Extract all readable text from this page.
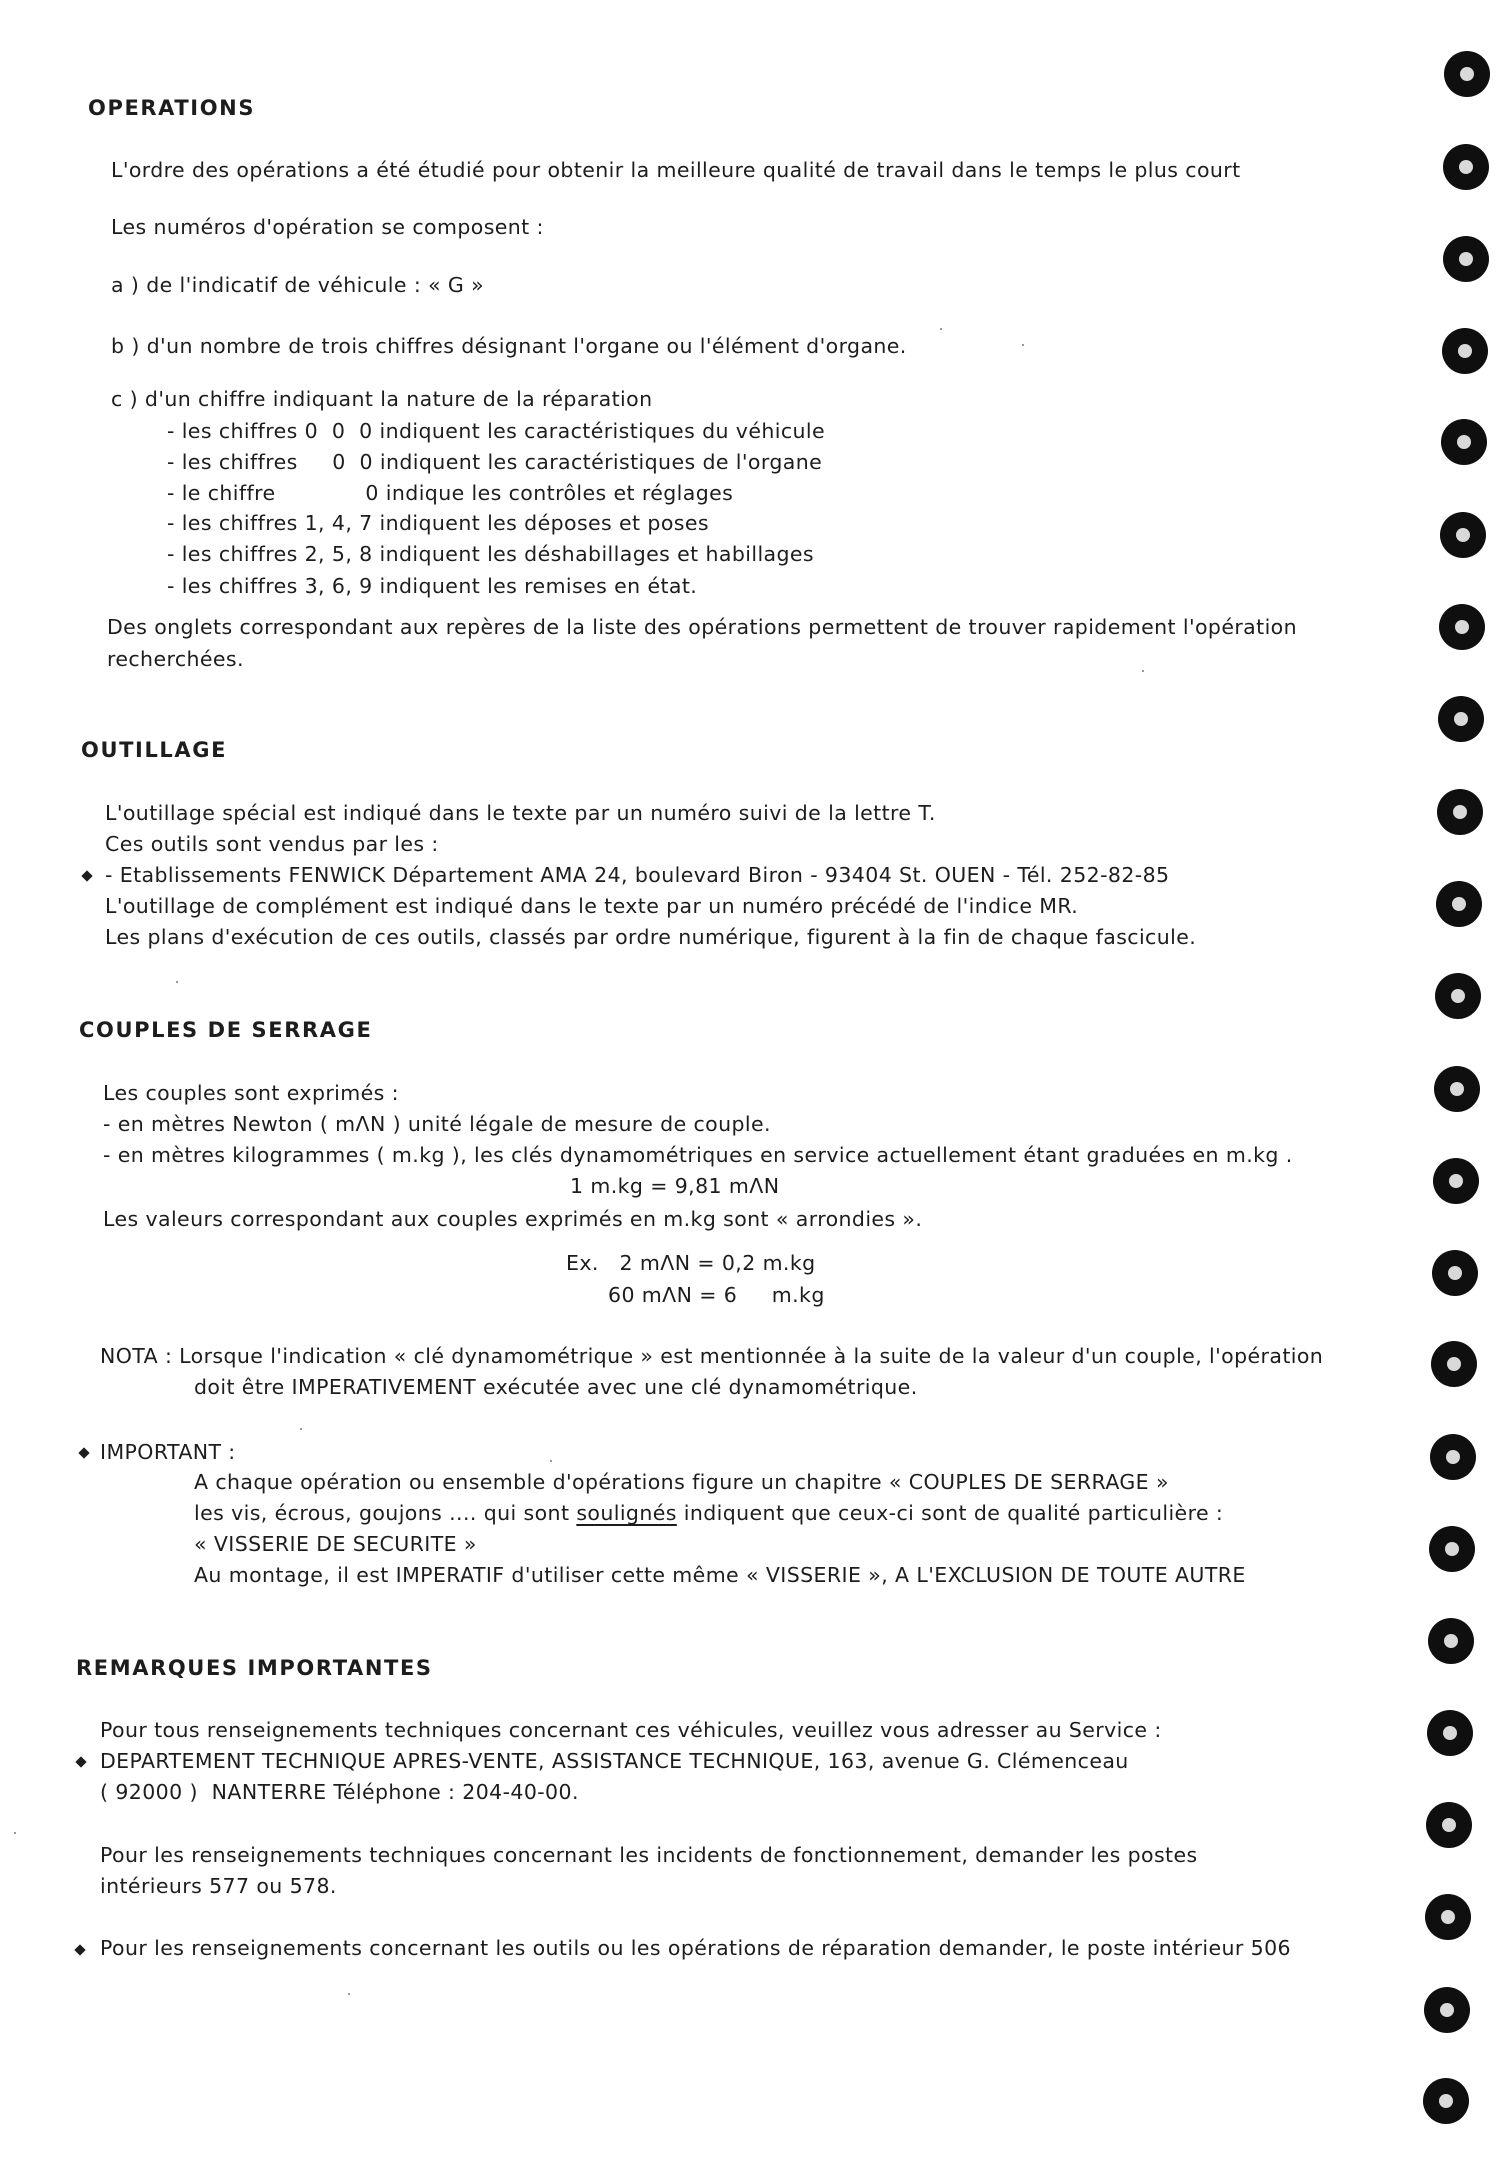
OPERATIONS
L'ordre des opérations a été étudié pour obtenir la meilleure qualité de travail dans le temps le plus court
Les numéros d'opération se composent :
a ) de l'indicatif de véhicule : « G »
b ) d'un nombre de trois chiffres désignant l'organe ou l'élément d'organe.
c ) d'un chiffre indiquant la nature de la réparation
- les chiffres 0  0  0 indiquent les caractéristiques du véhicule
- les chiffres     0  0 indiquent les caractéristiques de l'organe
- le chiffre             0 indique les contrôles et réglages
- les chiffres 1, 4, 7 indiquent les déposes et poses
- les chiffres 2, 5, 8 indiquent les déshabillages et habillages
- les chiffres 3, 6, 9 indiquent les remises en état.
Des onglets correspondant aux repères de la liste des opérations permettent de trouver rapidement l'opération
recherchées.
OUTILLAGE
L'outillage spécial est indiqué dans le texte par un numéro suivi de la lettre T.
Ces outils sont vendus par les :
- Etablissements FENWICK Département AMA 24, boulevard Biron - 93404 St. OUEN - Tél. 252-82-85
L'outillage de complément est indiqué dans le texte par un numéro précédé de l'indice MR.
Les plans d'exécution de ces outils, classés par ordre numérique, figurent à la fin de chaque fascicule.
COUPLES DE SERRAGE
Les couples sont exprimés :
- en mètres Newton ( mΛN ) unité légale de mesure de couple.
- en mètres kilogrammes ( m.kg ), les clés dynamométriques en service actuellement étant graduées en m.kg .
1 m.kg = 9,81 mΛN
Les valeurs correspondant aux couples exprimés en m.kg sont « arrondies ».
Ex.   2 mΛN = 0,2 m.kg
60 mΛN = 6     m.kg
NOTA : Lorsque l'indication « clé dynamométrique » est mentionnée à la suite de la valeur d'un couple, l'opération
doit être IMPERATIVEMENT exécutée avec une clé dynamométrique.
IMPORTANT :
A chaque opération ou ensemble d'opérations figure un chapitre « COUPLES DE SERRAGE »
les vis, écrous, goujons .... qui sont soulignés indiquent que ceux-ci sont de qualité particulière :
« VISSERIE DE SECURITE »
Au montage, il est IMPERATIF d'utiliser cette même « VISSERIE », A L'EXCLUSION DE TOUTE AUTRE
REMARQUES IMPORTANTES
Pour tous renseignements techniques concernant ces véhicules, veuillez vous adresser au Service :
DEPARTEMENT TECHNIQUE APRES-VENTE, ASSISTANCE TECHNIQUE, 163, avenue G. Clémenceau
( 92000 )  NANTERRE Téléphone : 204-40-00.
Pour les renseignements techniques concernant les incidents de fonctionnement, demander les postes
intérieurs 577 ou 578.
Pour les renseignements concernant les outils ou les opérations de réparation demander, le poste intérieur 506
